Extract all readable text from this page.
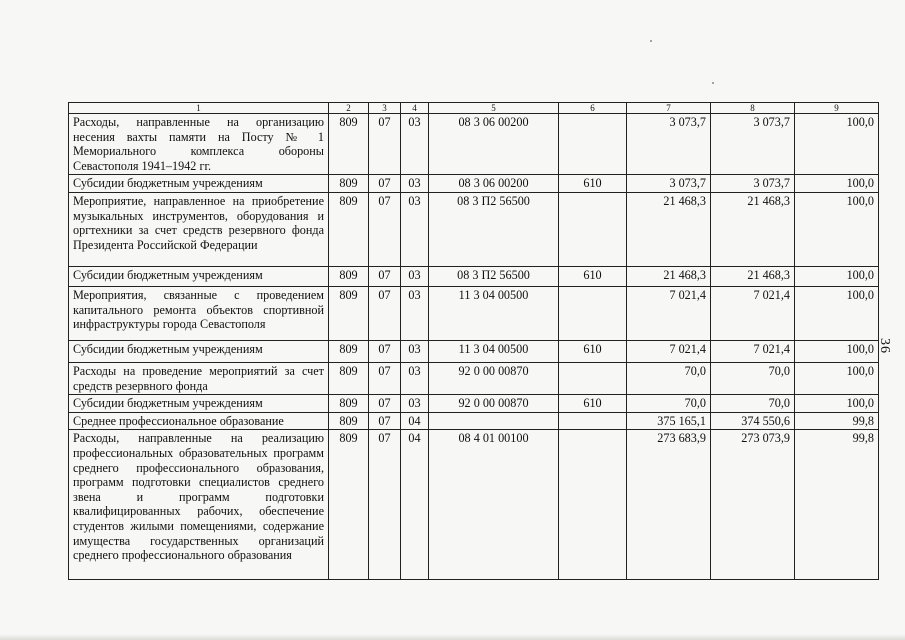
1	2	3	4	5	6	7	8	9
Расходы, направленные на организацию несения вахты памяти на Посту № 1 Мемориального комплекса обороны Севастополя 1941–1942 гг.	809	07	03	08 3 06 00200		3 073,7	3 073,7	100,0
Субсидии бюджетным учреждениям	809	07	03	08 3 06 00200	610	3 073,7	3 073,7	100,0
Мероприятие, направленное на приобретение музыкальных инструментов, оборудования и оргтехники за счет средств резервного фонда Президента Российской Федерации	809	07	03	08 3 П2 56500		21 468,3	21 468,3	100,0
Субсидии бюджетным учреждениям	809	07	03	08 3 П2 56500	610	21 468,3	21 468,3	100,0
Мероприятия, связанные с проведением капитального ремонта объектов спортивной инфраструктуры города Севастополя	809	07	03	11 3 04 00500		7 021,4	7 021,4	100,0
Субсидии бюджетным учреждениям	809	07	03	11 3 04 00500	610	7 021,4	7 021,4	100,0
Расходы на проведение мероприятий за счет средств резервного фонда	809	07	03	92 0 00 00870		70,0	70,0	100,0
Субсидии бюджетным учреждениям	809	07	03	92 0 00 00870	610	70,0	70,0	100,0
Среднее профессиональное образование	809	07	04			375 165,1	374 550,6	99,8
Расходы, направленные на реализацию профессиональных образовательных программ среднего профессионального образования, программ подготовки специалистов среднего звена и программ подготовки квалифицированных рабочих, обеспечение студентов жилыми помещениями, содержание имущества государственных организаций среднего профессионального образования	809	07	04	08 4 01 00100		273 683,9	273 073,9	99,8
36
